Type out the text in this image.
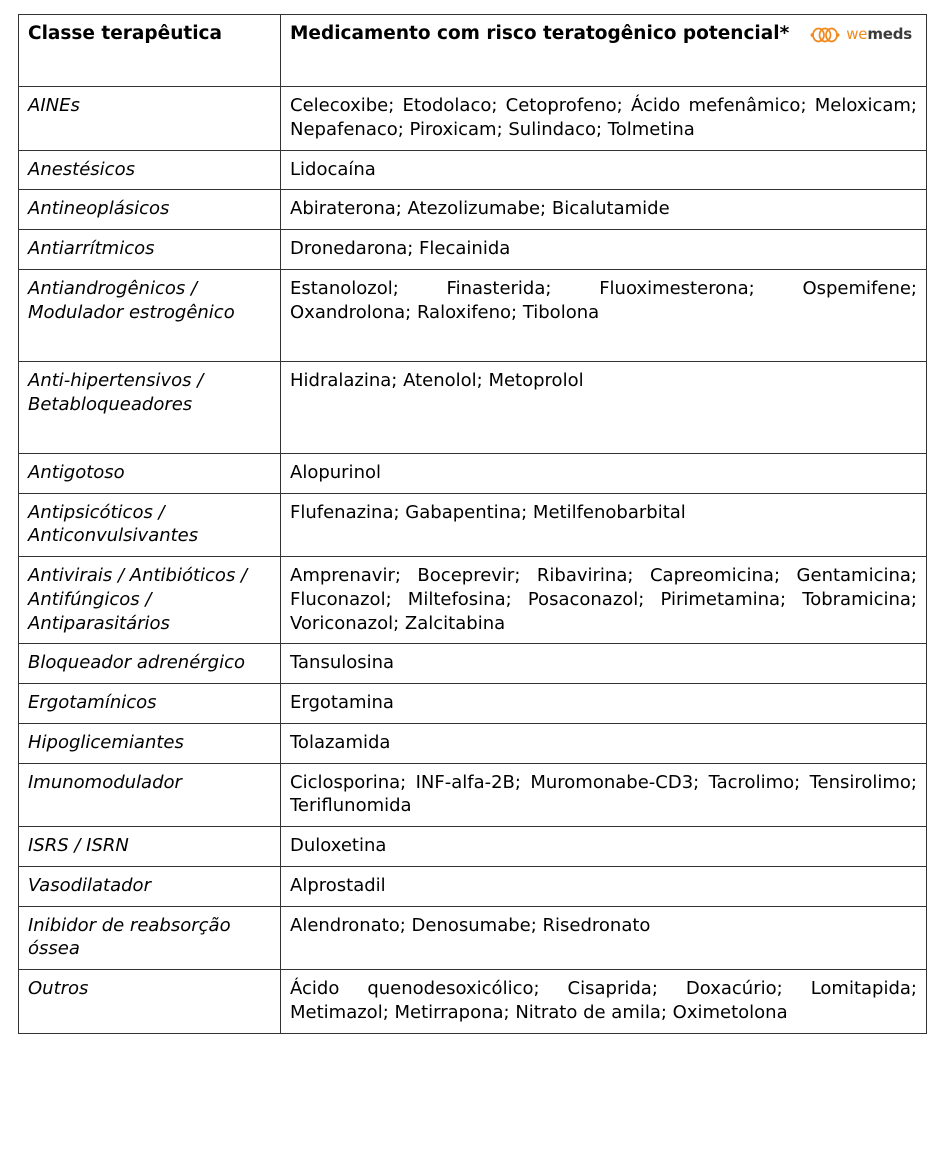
Classe terapêutica	Medicamento com risco teratogênico potencial* wemeds

AINEs	Celecoxibe; Etodolaco; Cetoprofeno; Ácido mefenâmico; Meloxicam; Nepafenaco; Piroxicam; Sulindaco; Tolmetina
Anestésicos	Lidocaína
Antineoplásicos	Abiraterona; Atezolizumabe; Bicalutamide
Antiarrítmicos	Dronedarona; Flecainida
Antiandrogênicos / Modulador estrogênico	Estanolozol; Finasterida; Fluoximesterona; Ospemifene; Oxandrolona; Raloxifeno; Tibolona
Anti-hipertensivos / Betabloqueadores	Hidralazina; Atenolol; Metoprolol
Antigotoso	Alopurinol
Antipsicóticos / Anticonvulsivantes	Flufenazina; Gabapentina; Metilfenobarbital
Antivirais / Antibióticos / Antifúngicos / Antiparasitários	Amprenavir; Boceprevir; Ribavirina; Capreomicina; Gentamicina; Fluconazol; Miltefosina; Posaconazol; Pirimetamina; Tobramicina; Voriconazol; Zalcitabina
Bloqueador adrenérgico	Tansulosina
Ergotamínicos	Ergotamina
Hipoglicemiantes	Tolazamida
Imunomodulador	Ciclosporina; INF-alfa-2B; Muromonabe-CD3; Tacrolimo; Tensirolimo; Teriflunomida
ISRS / ISRN	Duloxetina
Vasodilatador	Alprostadil
Inibidor de reabsorção óssea	Alendronato; Denosumabe; Risedronato
Outros	Ácido quenodesoxicólico; Cisaprida; Doxacúrio; Lomitapida; Metimazol; Metirrapona; Nitrato de amila; Oximetolona
